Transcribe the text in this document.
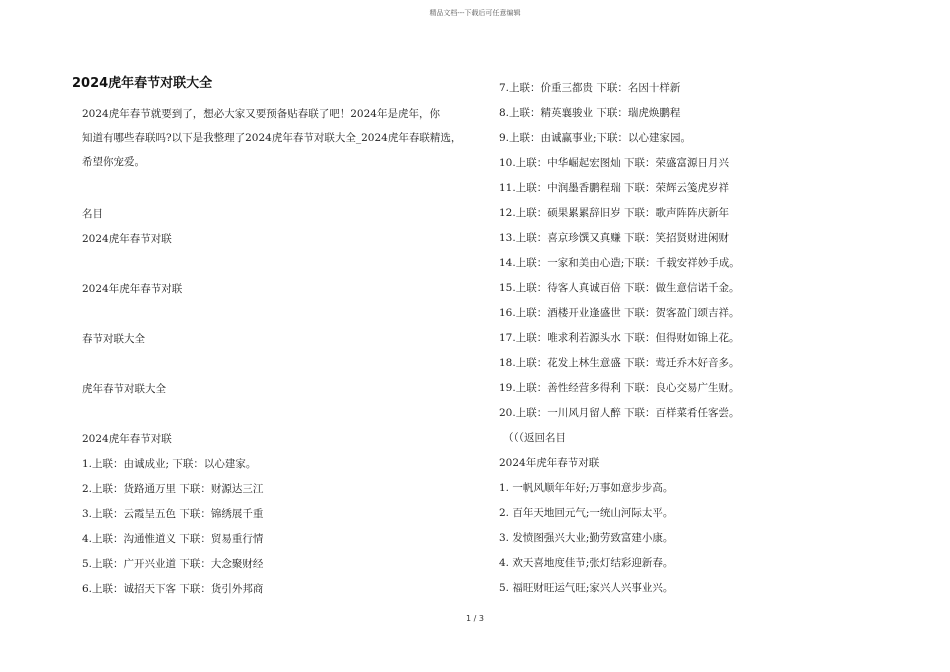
精品文档---下载后可任意编辑
2024虎年春节对联大全
2024虎年春节就要到了，想必大家又要预备贴春联了吧！2024年是虎年，你
知道有哪些春联吗?以下是我整理了2024虎年春节对联大全_2024虎年春联精选，
希望你宠爱。
名目
2024虎年春节对联
2024年虎年春节对联
春节对联大全
虎年春节对联大全
2024虎年春节对联
1.上联：由诚成业; 下联：以心建家。
2.上联：货路通万里 下联：财源达三江
3.上联：云霞呈五色 下联：锦绣展千重
4.上联：沟通惟道义 下联：贸易重行情
5.上联：广开兴业道 下联：大念聚财经
6.上联：诚招天下客 下联：货引外邦商
7.上联：价重三都贵 下联：名因十样新
8.上联：精英襄骏业 下联：瑞虎焕鹏程
9.上联：由诚赢事业;下联：以心建家园。
10.上联：中华崛起宏图灿 下联：荣盛富源日月兴
11.上联：中润墨香鹏程瑞 下联：荣辉云笺虎岁祥
12.上联：硕果累累辞旧岁 下联：歌声阵阵庆新年
13.上联：喜京珍馔又真赚 下联：笑招贤财进闲财
14.上联：一家和美由心造;下联：千载安祥妙手成。
15.上联：待客人真诚百倍 下联：做生意信诺千金。
16.上联：酒楼开业逢盛世 下联：贺客盈门颂吉祥。
17.上联：唯求利若源头水 下联：但得财如锦上花。
18.上联：花发上林生意盛 下联：莺迁乔木好音多。
19.上联：善性经营多得利 下联：良心交易广生财。
20.上联：一川风月留人醉 下联：百样菜肴任客尝。
（（（返回名目
2024年虎年春节对联
1. 一帆风顺年年好;万事如意步步高。
2. 百年天地回元气;一统山河际太平。
3. 发愤图强兴大业;勤劳致富建小康。
4. 欢天喜地度佳节;张灯结彩迎新春。
5. 福旺财旺运气旺;家兴人兴事业兴。
1 / 3
